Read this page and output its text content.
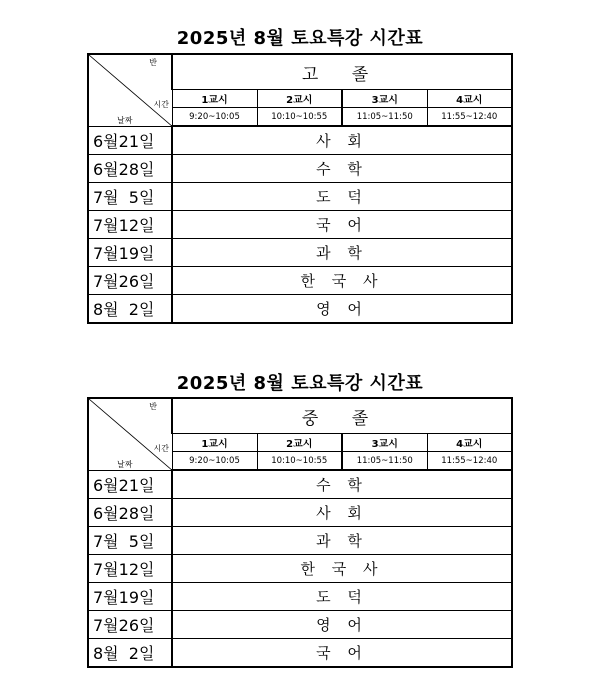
2025년 8월 토요특강 시간표
반
시간
날짜	고 졸			
	1교시	2교시	3교시	4교시
	9:20~10:05	10:10~10:55	11:05~11:50	11:55~12:40
6월21일	사 회			
6월28일	수 학			
7월  5일	도 덕			
7월12일	국 어			
7월19일	과 학			
7월26일	한 국 사			
8월  2일	영 어			
2025년 8월 토요특강 시간표
반
시간
날짜	중 졸			
	1교시	2교시	3교시	4교시
	9:20~10:05	10:10~10:55	11:05~11:50	11:55~12:40
6월21일	수 학			
6월28일	사 회			
7월  5일	과 학			
7월12일	한 국 사			
7월19일	도 덕			
7월26일	영 어			
8월  2일	국 어			
